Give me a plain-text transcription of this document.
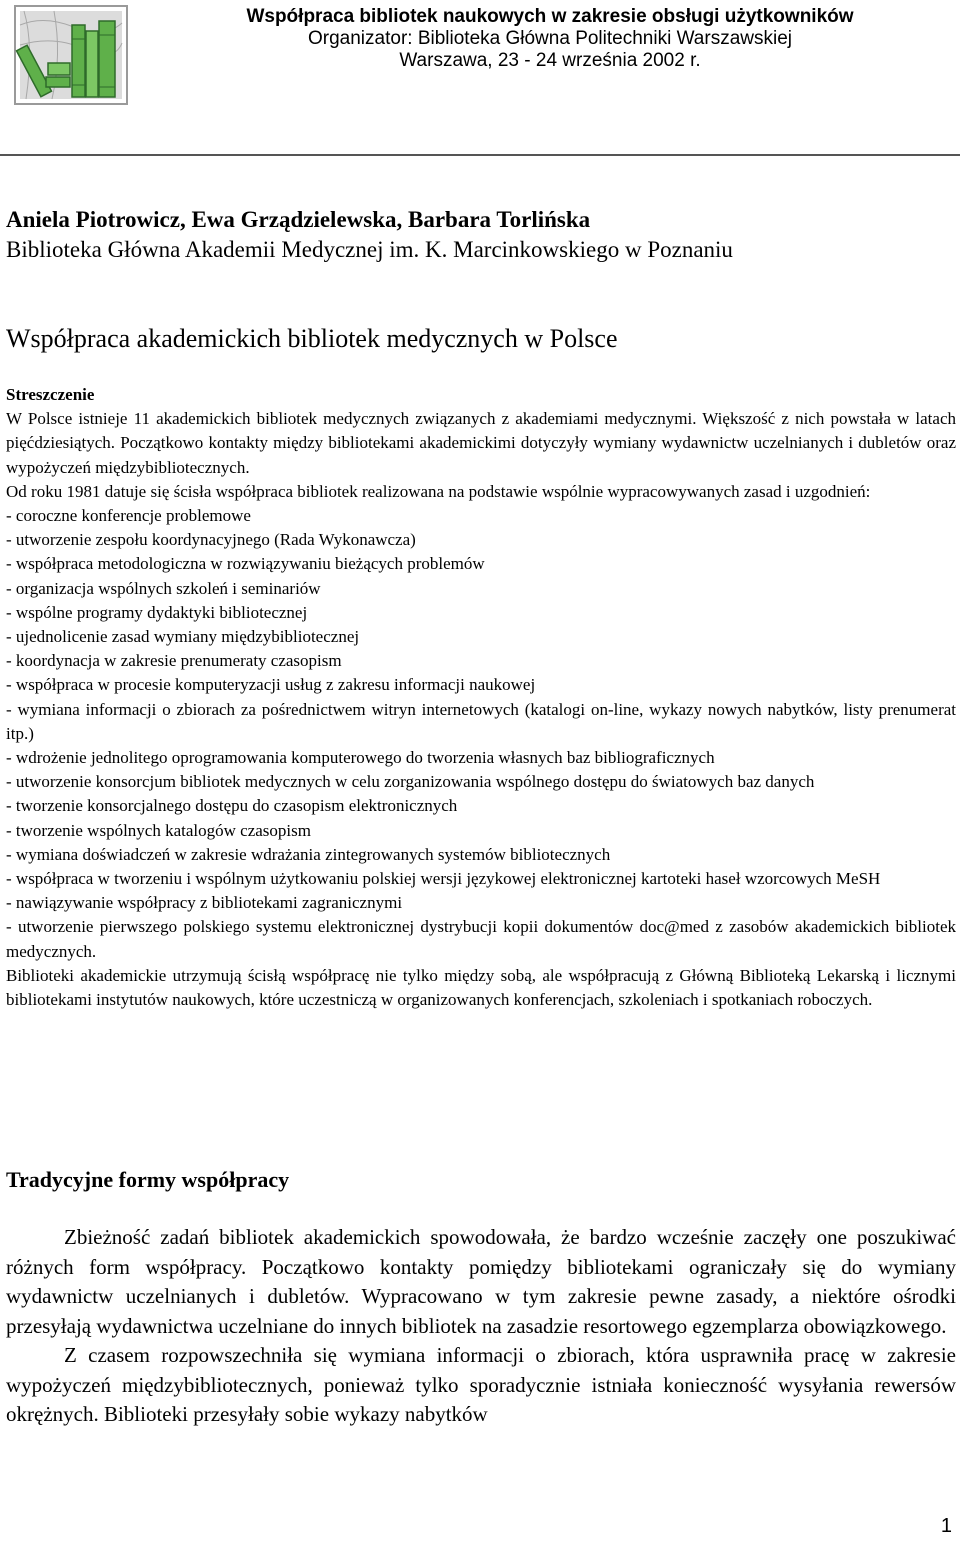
Współpraca bibliotek naukowych w zakresie obsługi użytkowników
Organizator: Biblioteka Główna Politechniki Warszawskiej
Warszawa, 23 - 24 września 2002 r.
Aniela Piotrowicz, Ewa Grządzielewska, Barbara Torlińska
Biblioteka Główna Akademii Medycznej im. K. Marcinkowskiego w Poznaniu
Współpraca akademickich bibliotek medycznych w Polsce
Streszczenie

W Polsce istnieje 11 akademickich bibliotek medycznych związanych z akademiami medycznymi. Większość z nich powstała w latach pięćdziesiątych. Początkowo kontakty między bibliotekami akademickimi dotyczyły wymiany wydawnictw uczelnianych i dubletów oraz wypożyczeń międzybibliotecznych.

Od roku 1981 datuje się ścisła współpraca bibliotek realizowana na podstawie wspólnie wypracowywanych zasad i uzgodnień:

- coroczne konferencje problemowe

- utworzenie zespołu koordynacyjnego (Rada Wykonawcza)

- współpraca metodologiczna w rozwiązywaniu bieżących problemów

- organizacja wspólnych szkoleń i seminariów

- wspólne programy dydaktyki bibliotecznej

- ujednolicenie zasad wymiany międzybibliotecznej

- koordynacja w zakresie prenumeraty czasopism

- współpraca w procesie komputeryzacji usług z zakresu informacji naukowej

- wymiana informacji o zbiorach za pośrednictwem witryn internetowych (katalogi on-line, wykazy nowych nabytków, listy prenumerat itp.)

- wdrożenie jednolitego oprogramowania komputerowego do tworzenia własnych baz bibliograficznych

- utworzenie konsorcjum bibliotek medycznych w celu zorganizowania wspólnego dostępu do światowych baz danych

- tworzenie konsorcjalnego dostępu do czasopism elektronicznych

- tworzenie wspólnych katalogów czasopism

- wymiana doświadczeń w zakresie wdrażania zintegrowanych systemów bibliotecznych

- współpraca w tworzeniu i wspólnym użytkowaniu polskiej wersji językowej elektronicznej kartoteki haseł wzorcowych MeSH

- nawiązywanie współpracy z bibliotekami zagranicznymi

- utworzenie pierwszego polskiego systemu elektronicznej dystrybucji kopii dokumentów doc@med z zasobów akademickich bibliotek medycznych.

Biblioteki akademickie utrzymują ścisłą współpracę nie tylko między sobą, ale współpracują z Główną Biblioteką Lekarską i licznymi bibliotekami instytutów naukowych, które uczestniczą w organizowanych konferencjach, szkoleniach i spotkaniach roboczych.

Tradycyjne formy współpracy

Zbieżność zadań bibliotek akademickich spowodowała, że bardzo wcześnie zaczęły one poszukiwać różnych form współpracy. Początkowo kontakty pomiędzy bibliotekami ograniczały się do wymiany wydawnictw uczelnianych i dubletów. Wypracowano w tym zakresie pewne zasady, a niektóre ośrodki przesyłają wydawnictwa uczelniane do innych bibliotek na zasadzie resortowego egzemplarza obowiązkowego.

Z czasem rozpowszechniła się wymiana informacji o zbiorach, która usprawniła pracę w zakresie wypożyczeń międzybibliotecznych, ponieważ tylko sporadycznie istniała konieczność wysyłania rewersów okrężnych. Biblioteki przesyłały sobie wykazy nabytków

1
